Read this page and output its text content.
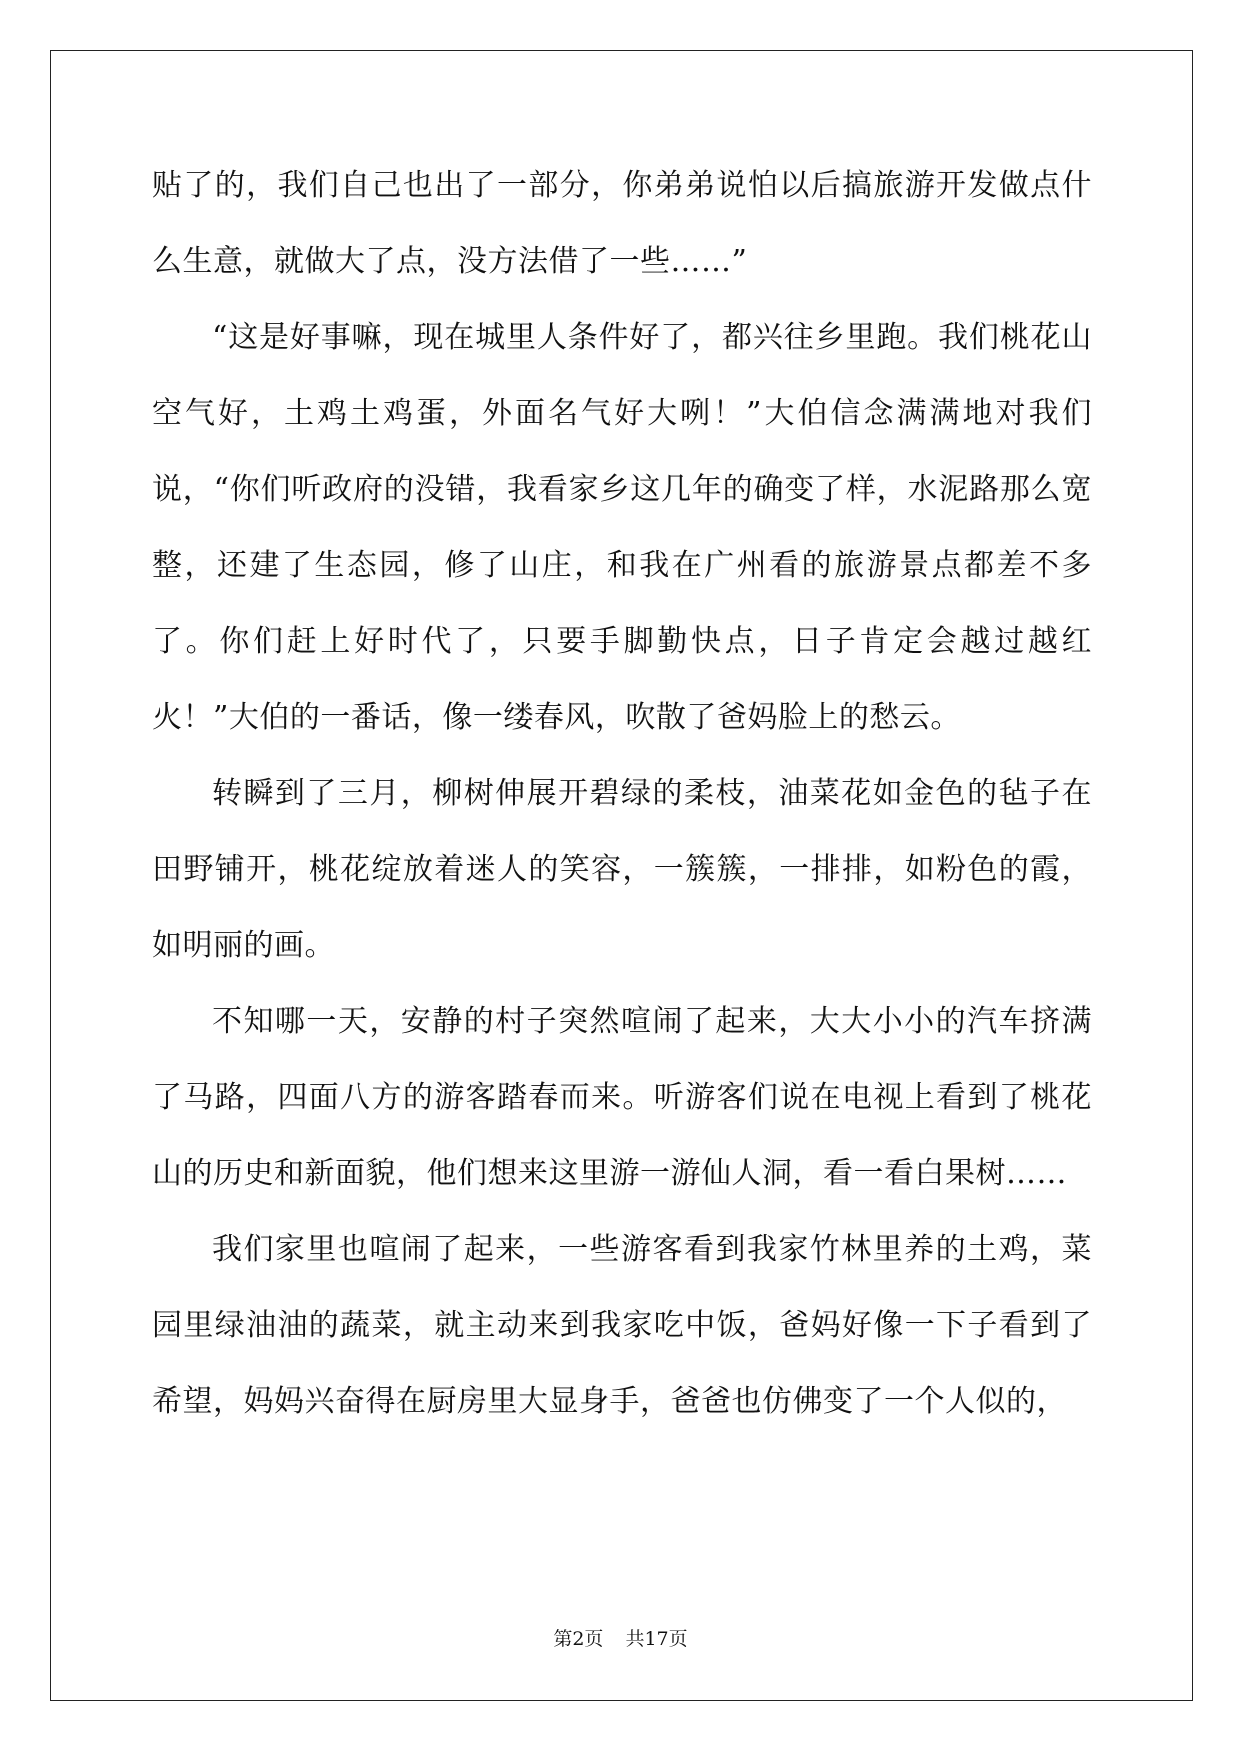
贴了的，我们自己也出了一部分，你弟弟说怕以后搞旅游开发做点什么生意，就做大了点，没方法借了一些……”

“这是好事嘛，现在城里人条件好了，都兴往乡里跑。我们桃花山空气好，土鸡土鸡蛋，外面名气好大咧！”大伯信念满满地对我们说，“你们听政府的没错，我看家乡这几年的确变了样，水泥路那么宽整，还建了生态园，修了山庄，和我在广州看的旅游景点都差不多了。你们赶上好时代了，只要手脚勤快点，日子肯定会越过越红火！”大伯的一番话，像一缕春风，吹散了爸妈脸上的愁云。

转瞬到了三月，柳树伸展开碧绿的柔枝，油菜花如金色的毡子在田野铺开，桃花绽放着迷人的笑容，一簇簇，一排排，如粉色的霞，如明丽的画。

不知哪一天，安静的村子突然喧闹了起来，大大小小的汽车挤满了马路，四面八方的游客踏春而来。听游客们说在电视上看到了桃花山的历史和新面貌，他们想来这里游一游仙人洞，看一看白果树……

我们家里也喧闹了起来，一些游客看到我家竹林里养的土鸡，菜园里绿油油的蔬菜，就主动来到我家吃中饭，爸妈好像一下子看到了希望，妈妈兴奋得在厨房里大显身手，爸爸也仿佛变了一个人似的，

第2页 共17页
